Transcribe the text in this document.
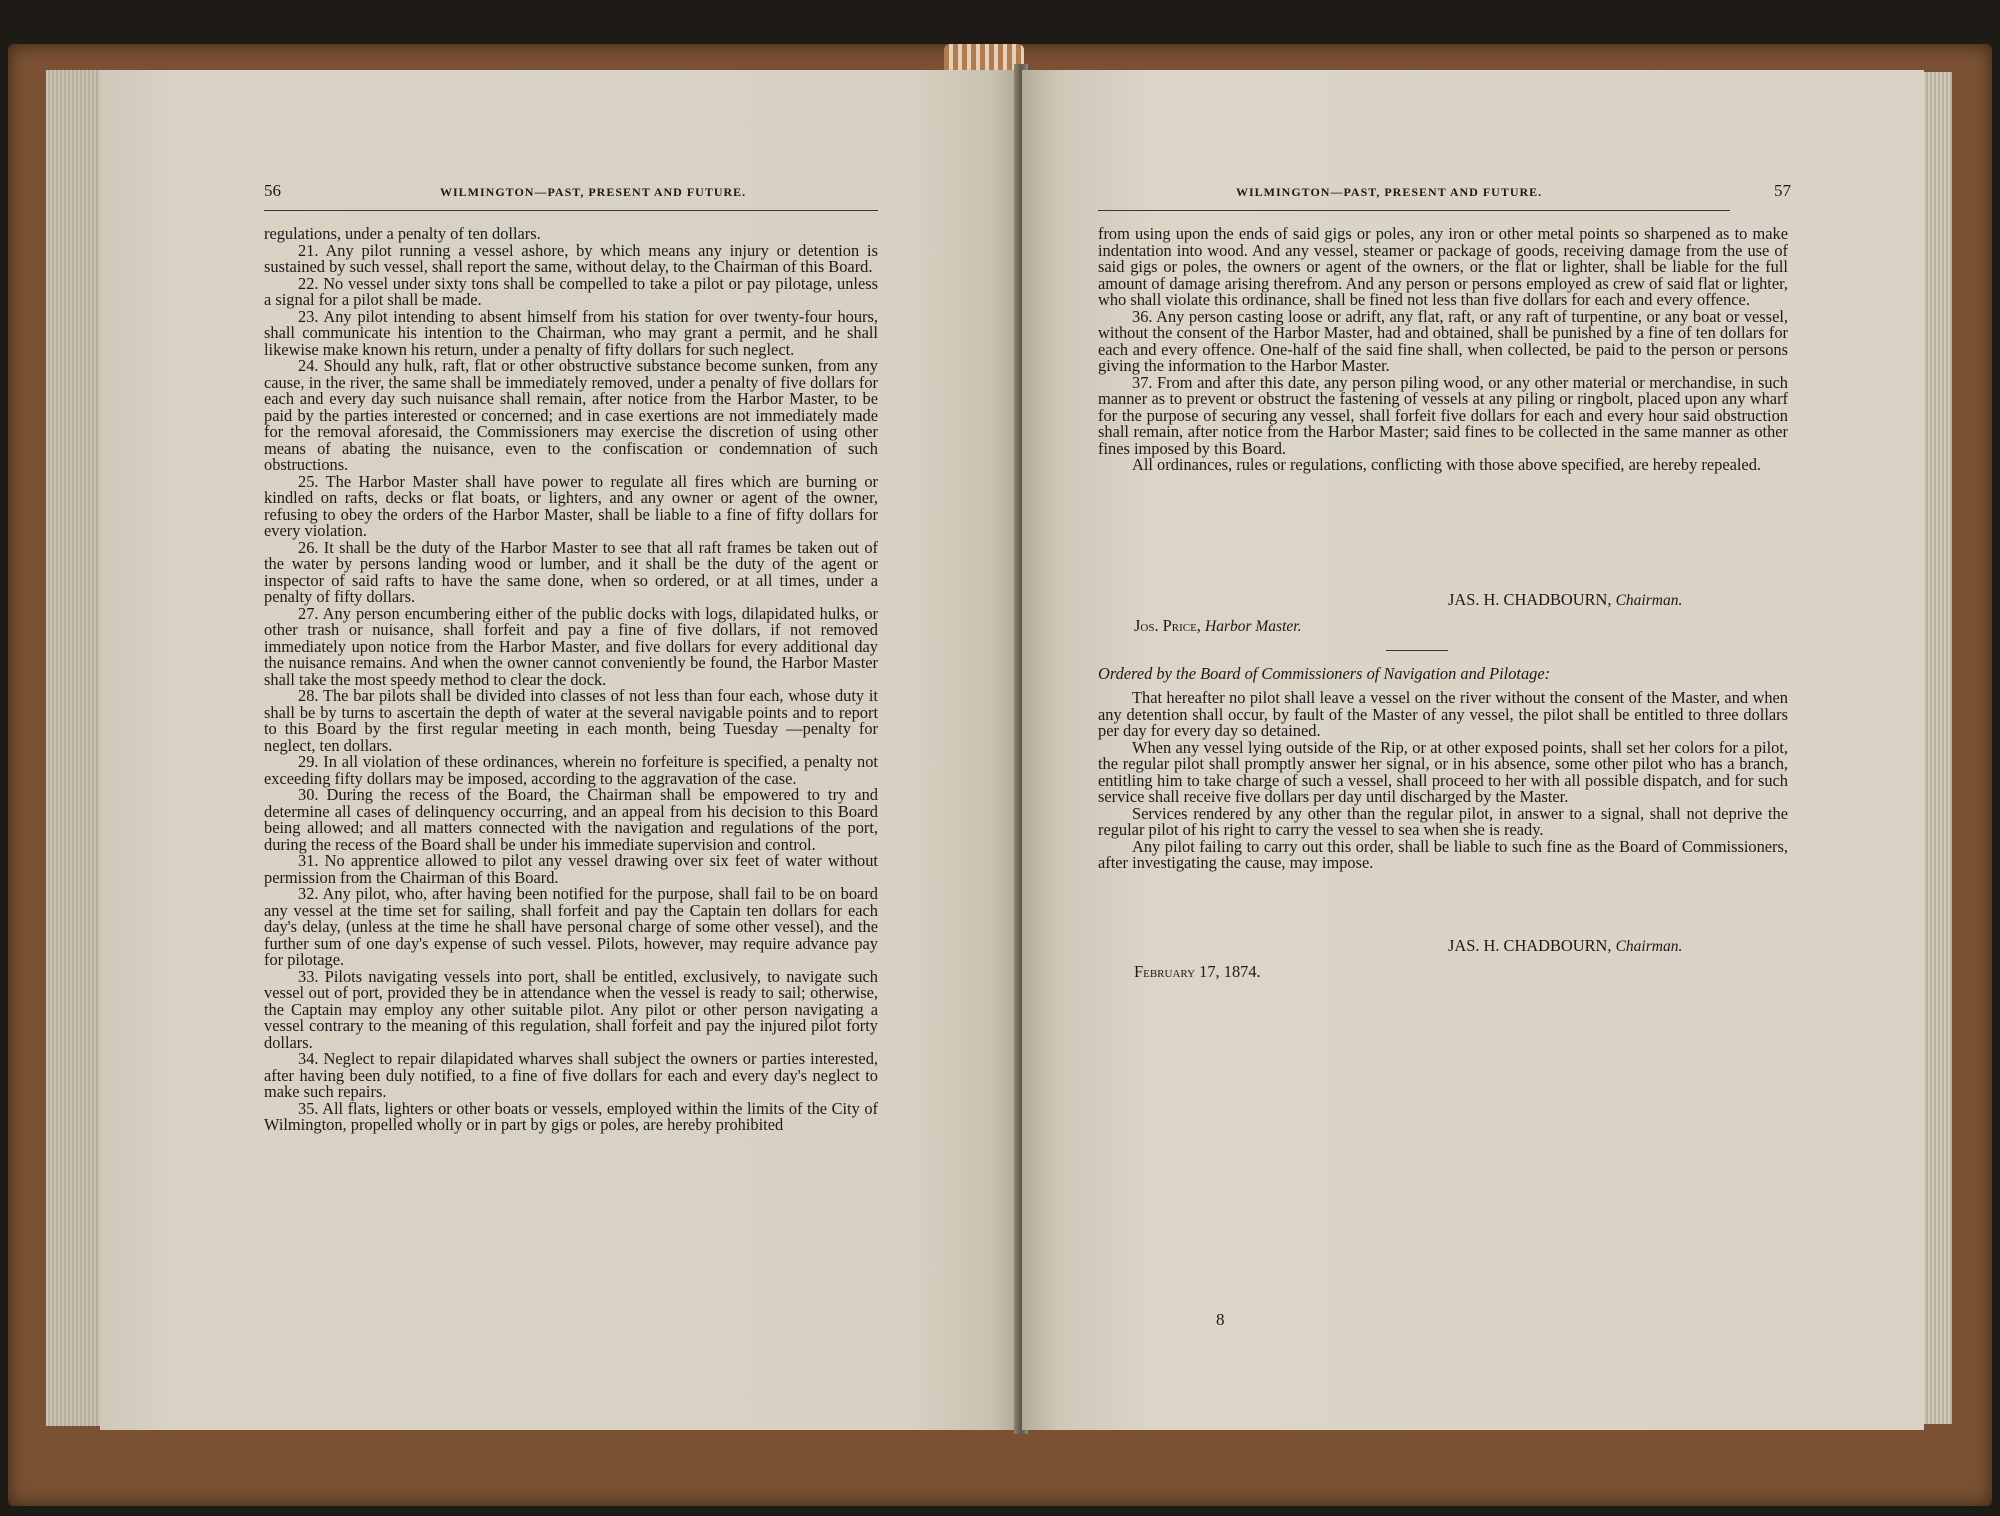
56	WILMINGTON—PAST, PRESENT AND FUTURE.

regulations, under a penalty of ten dollars.

21. Any pilot running a vessel ashore, by which means any injury or detention is sustained by such vessel, shall report the same, without delay, to the Chairman of this Board.

22. No vessel under sixty tons shall be compelled to take a pilot or pay pilotage, unless a signal for a pilot shall be made.

23. Any pilot intending to absent himself from his station for over twenty-four hours, shall communicate his intention to the Chairman, who may grant a permit, and he shall likewise make known his return, under a penalty of fifty dollars for such neglect.

24. Should any hulk, raft, flat or other obstructive substance become sunken, from any cause, in the river, the same shall be immediately removed, under a penalty of five dollars for each and every day such nuisance shall remain, after notice from the Harbor Master, to be paid by the parties interested or concerned; and in case exertions are not immediately made for the removal aforesaid, the Commissioners may exercise the discretion of using other means of abating the nuisance, even to the confiscation or condemnation of such obstructions.

25. The Harbor Master shall have power to regulate all fires which are burning or kindled on rafts, decks or flat boats, or lighters, and any owner or agent of the owner, refusing to obey the orders of the Harbor Master, shall be liable to a fine of fifty dollars for every violation.

26. It shall be the duty of the Harbor Master to see that all raft frames be taken out of the water by persons landing wood or lumber, and it shall be the duty of the agent or inspector of said rafts to have the same done, when so ordered, or at all times, under a penalty of fifty dollars.

27. Any person encumbering either of the public docks with logs, dilapidated hulks, or other trash or nuisance, shall forfeit and pay a fine of five dollars, if not removed immediately upon notice from the Harbor Master, and five dollars for every additional day the nuisance remains. And when the owner cannot conveniently be found, the Harbor Master shall take the most speedy method to clear the dock.

28. The bar pilots shall be divided into classes of not less than four each, whose duty it shall be by turns to ascertain the depth of water at the several navigable points and to report to this Board by the first regular meeting in each month, being Tuesday —penalty for neglect, ten dollars.

29. In all violation of these ordinances, wherein no forfeiture is specified, a penalty not exceeding fifty dollars may be imposed, according to the aggravation of the case.

30. During the recess of the Board, the Chairman shall be empowered to try and determine all cases of delinquency occurring, and an appeal from his decision to this Board being allowed; and all matters connected with the navigation and regulations of the port, during the recess of the Board shall be under his immediate supervision and control.

31. No apprentice allowed to pilot any vessel drawing over six feet of water without permission from the Chairman of this Board.

32. Any pilot, who, after having been notified for the purpose, shall fail to be on board any vessel at the time set for sailing, shall forfeit and pay the Captain ten dollars for each day's delay, (unless at the time he shall have personal charge of some other vessel), and the further sum of one day's expense of such vessel. Pilots, however, may require advance pay for pilotage.

33. Pilots navigating vessels into port, shall be entitled, exclusively, to navigate such vessel out of port, provided they be in attendance when the vessel is ready to sail; otherwise, the Captain may employ any other suitable pilot. Any pilot or other person navigating a vessel contrary to the meaning of this regulation, shall forfeit and pay the injured pilot forty dollars.

34. Neglect to repair dilapidated wharves shall subject the owners or parties interested, after having been duly notified, to a fine of five dollars for each and every day's neglect to make such repairs.

35. All flats, lighters or other boats or vessels, employed within the limits of the City of Wilmington, propelled wholly or in part by gigs or poles, are hereby prohibited

WILMINGTON—PAST, PRESENT AND FUTURE.	57

from using upon the ends of said gigs or poles, any iron or other metal points so sharpened as to make indentation into wood. And any vessel, steamer or package of goods, receiving damage from the use of said gigs or poles, the owners or agent of the owners, or the flat or lighter, shall be liable for the full amount of damage arising therefrom. And any person or persons employed as crew of said flat or lighter, who shall violate this ordinance, shall be fined not less than five dollars for each and every offence.

36. Any person casting loose or adrift, any flat, raft, or any raft of turpentine, or any boat or vessel, without the consent of the Harbor Master, had and obtained, shall be punished by a fine of ten dollars for each and every offence. One-half of the said fine shall, when collected, be paid to the person or persons giving the information to the Harbor Master.

37. From and after this date, any person piling wood, or any other material or merchandise, in such manner as to prevent or obstruct the fastening of vessels at any piling or ringbolt, placed upon any wharf for the purpose of securing any vessel, shall forfeit five dollars for each and every hour said obstruction shall remain, after notice from the Harbor Master; said fines to be collected in the same manner as other fines imposed by this Board.

All ordinances, rules or regulations, conflicting with those above specified, are hereby repealed.

JAS. H. CHADBOURN, Chairman.
Jos. Price, Harbor Master.
Ordered by the Board of Commissioners of Navigation and Pilotage:

That hereafter no pilot shall leave a vessel on the river without the consent of the Master, and when any detention shall occur, by fault of the Master of any vessel, the pilot shall be entitled to three dollars per day for every day so detained.

When any vessel lying outside of the Rip, or at other exposed points, shall set her colors for a pilot, the regular pilot shall promptly answer her signal, or in his absence, some other pilot who has a branch, entitling him to take charge of such a vessel, shall proceed to her with all possible dispatch, and for such service shall receive five dollars per day until discharged by the Master.

Services rendered by any other than the regular pilot, in answer to a signal, shall not deprive the regular pilot of his right to carry the vessel to sea when she is ready.

Any pilot failing to carry out this order, shall be liable to such fine as the Board of Commissioners, after investigating the cause, may impose.

JAS. H. CHADBOURN, Chairman.
February 17, 1874.
8
